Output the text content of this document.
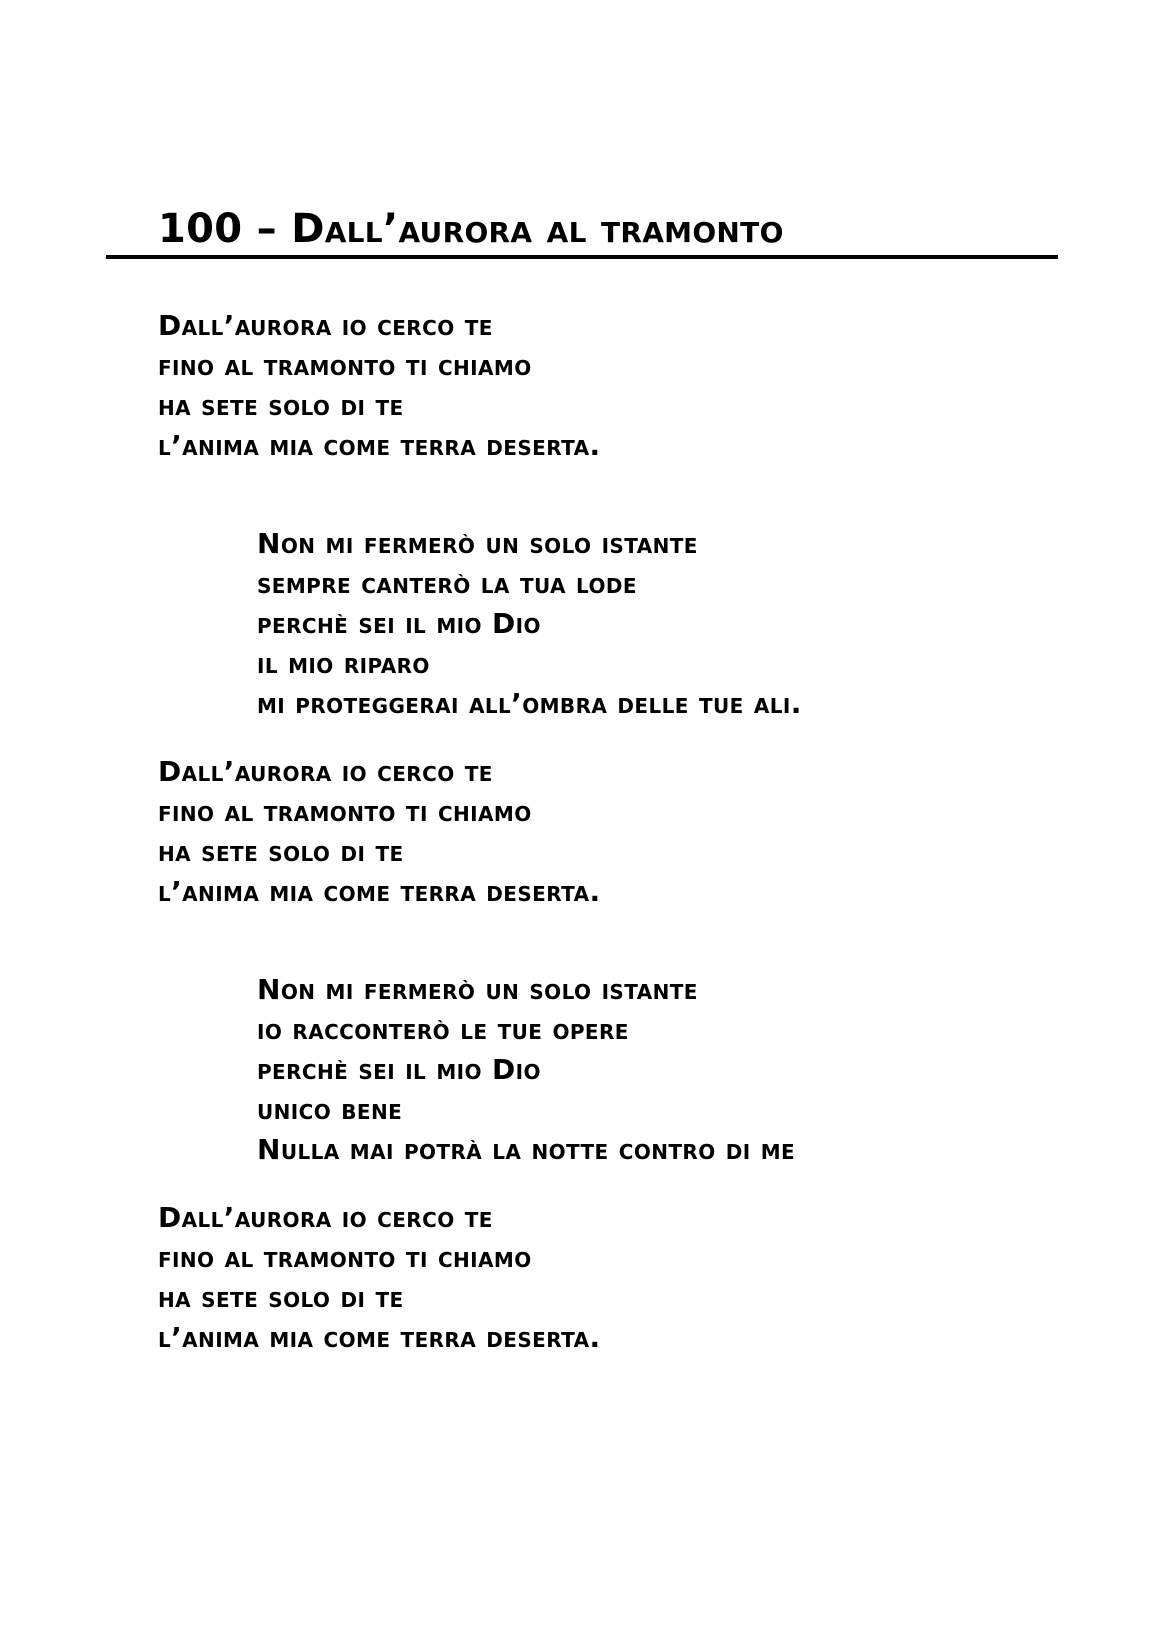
100 – Dall’aurora al tramonto
Dall’aurora io cerco te
fino al tramonto ti chiamo
ha sete solo di te
l’anima mia come terra deserta.
Non mi fermerò un solo istante
sempre canterò la tua lode
perchè sei il mio Dio
il mio riparo
mi proteggerai all’ombra delle tue ali.
Dall’aurora io cerco te
fino al tramonto ti chiamo
ha sete solo di te
l’anima mia come terra deserta.
Non mi fermerò un solo istante
io racconterò le tue opere
perchè sei il mio Dio
unico bene
Nulla mai potrà la notte contro di me
Dall’aurora io cerco te
fino al tramonto ti chiamo
ha sete solo di te
l’anima mia come terra deserta.
